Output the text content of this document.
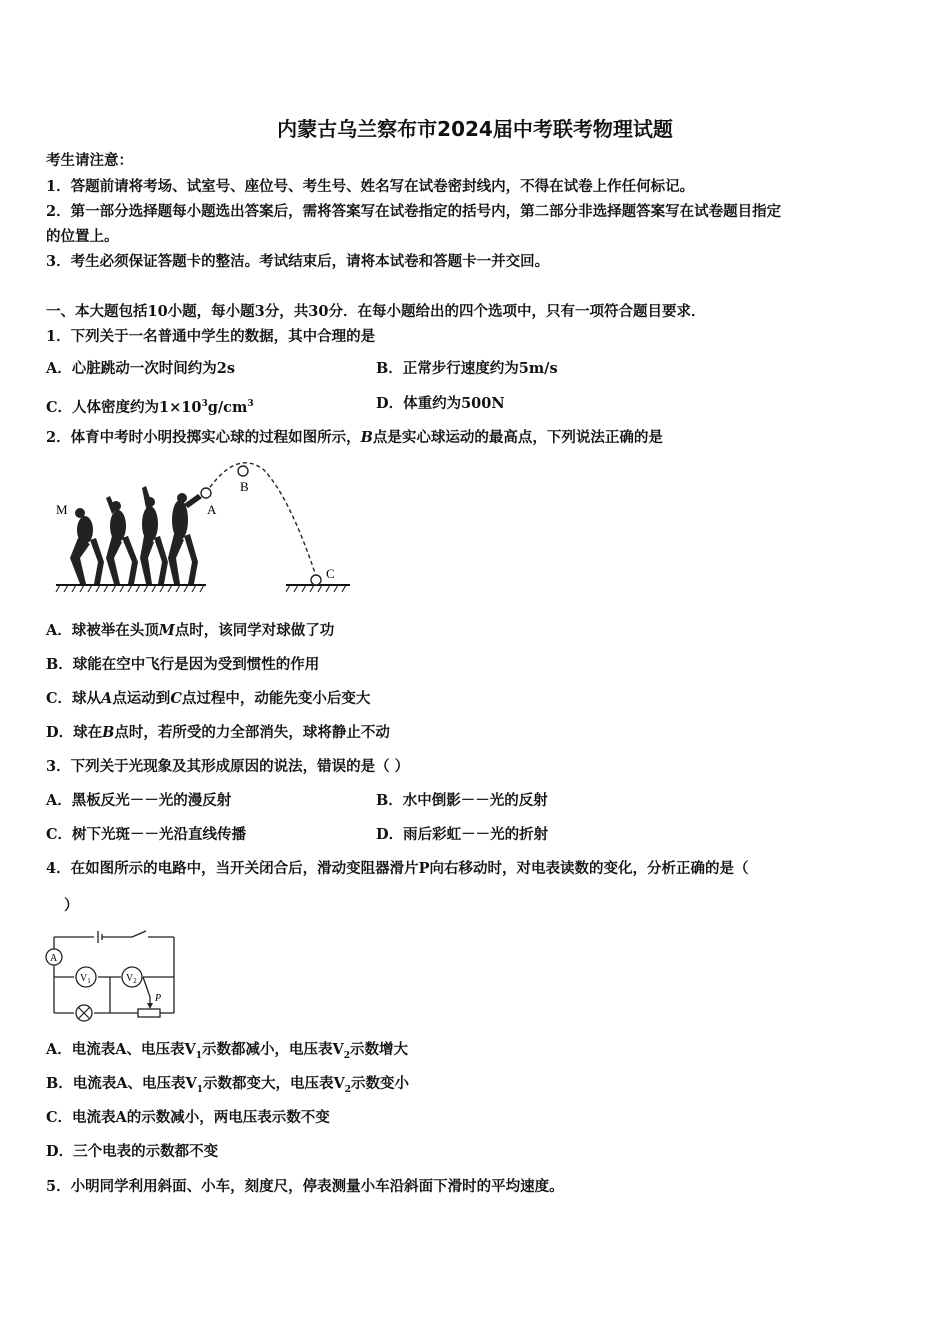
内蒙古乌兰察布市2024届中考联考物理试题
考生请注意：
1．答题前请将考场、试室号、座位号、考生号、姓名写在试卷密封线内，不得在试卷上作任何标记。
2．第一部分选择题每小题选出答案后，需将答案写在试卷指定的括号内，第二部分非选择题答案写在试卷题目指定
的位置上。
3．考生必须保证答题卡的整洁。考试结束后，请将本试卷和答题卡一并交回。
一、本大题包括10小题，每小题3分，共30分．在每小题给出的四个选项中，只有一项符合题目要求．
1．下列关于一名普通中学生的数据，其中合理的是
A．心脏跳动一次时间约为2s	B．正常步行速度约为5m/s
C．人体密度约为$1\times 10^3g/cm^3$	D．体重约为500N
2．体育中考时小明投掷实心球的过程如图所示，B点是实心球运动的最高点，下列说法正确的是
M	A
B
C
A．球被举在头顶M点时，该同学对球做了功
B．球能在空中飞行是因为受到惯性的作用
C．球从A点运动到C点过程中，动能先变小后变大
D．球在B点时，若所受的力全部消失，球将静止不动
3．下列关于光现象及其形成原因的说法，错误的是（ ）
A．黑板反光－－光的漫反射	B．水中倒影－－光的反射
C．树下光斑－－光沿直线传播	D．雨后彩虹－－光的折射
4．在如图所示的电路中，当开关闭合后，滑动变阻器滑片P向右移动时，对电表读数的变化，分析正确的是（
）
A
$V_1$	$V_2$
P
A．电流表A、电压表$V_1$示数都减小，电压表$V_2$示数增大
B．电流表A、电压表$V_1$示数都变大，电压表$V_2$示数变小
C．电流表A的示数减小，两电压表示数不变
D．三个电表的示数都不变
5．小明同学利用斜面、小车，刻度尺，停表测量小车沿斜面下滑时的平均速度。
